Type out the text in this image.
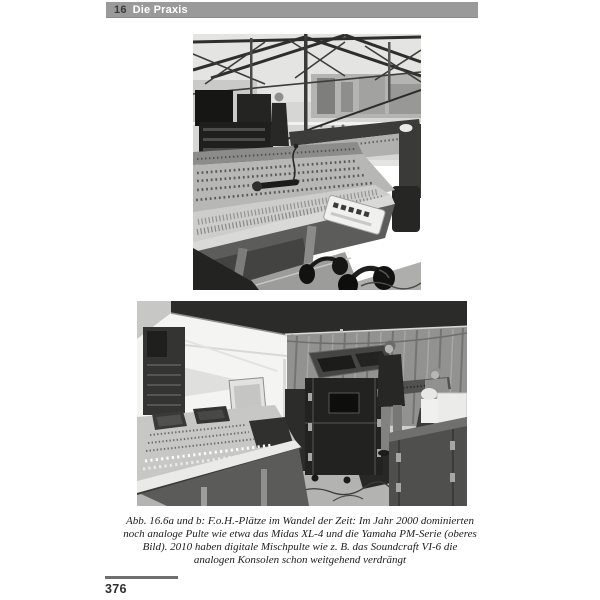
16 Die Praxis
Abb. 16.6a und b: F.o.H.-Plätze im Wandel der Zeit: Im Jahr 2000 dominierten
noch analoge Pulte wie etwa das Midas XL-4 und die Yamaha PM-Serie (oberes
Bild). 2010 haben digitale Mischpulte wie z. B. das Soundcraft VI-6 die
analogen Konsolen schon weitgehend verdrängt
376
